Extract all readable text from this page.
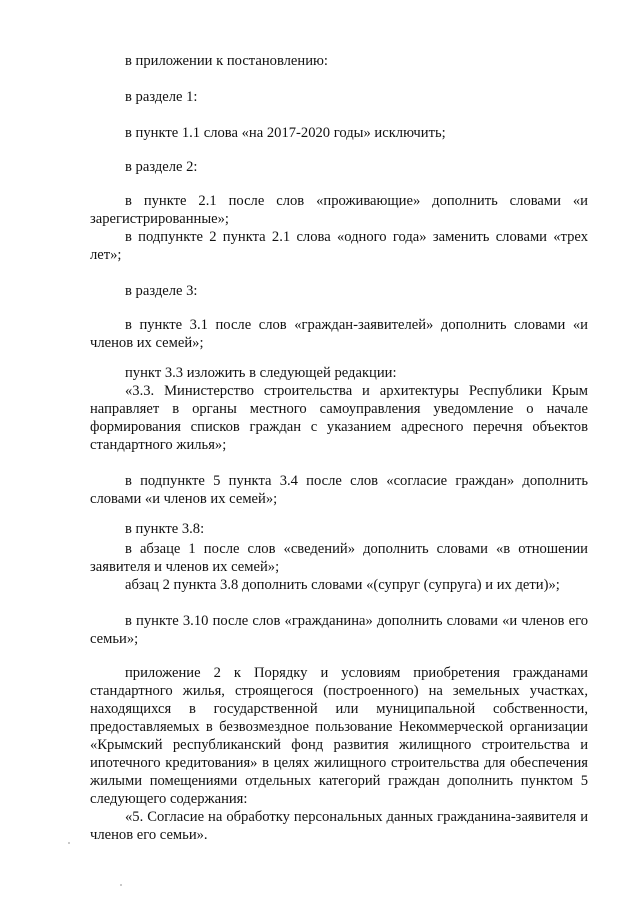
в приложении к постановлению:

в разделе 1:

в пункте 1.1 слова «на 2017-2020 годы» исключить;

в разделе 2:

в пункте 2.1 после слов «проживающие» дополнить словами «и зарегистрированные»;

в подпункте 2 пункта 2.1 слова «одного года» заменить словами «трех лет»;

в разделе 3:

в пункте 3.1 после слов «граждан-заявителей» дополнить словами «и членов их семей»;

пункт 3.3 изложить в следующей редакции:

«3.3. Министерство строительства и архитектуры Республики Крым направляет в органы местного самоуправления уведомление о начале формирования списков граждан с указанием адресного перечня объектов стандартного жилья»;

в подпункте 5 пункта 3.4 после слов «согласие граждан» дополнить словами «и членов их семей»;

в пункте 3.8:

в абзаце 1 после слов «сведений» дополнить словами «в отношении заявителя и членов их семей»;

абзац 2 пункта 3.8 дополнить словами «(супруг (супруга) и их дети)»;

в пункте 3.10 после слов «гражданина» дополнить словами «и членов его семьи»;

приложение 2 к Порядку и условиям приобретения гражданами стандартного жилья, строящегося (построенного) на земельных участках, находящихся в государственной или муниципальной собственности, предоставляемых в безвозмездное пользование Некоммерческой организации «Крымский республиканский фонд развития жилищного строительства и ипотечного кредитования» в целях жилищного строительства для обеспечения жилыми помещениями отдельных категорий граждан дополнить пунктом 5 следующего содержания:

«5. Согласие на обработку персональных данных гражданина-заявителя и членов его семьи».
